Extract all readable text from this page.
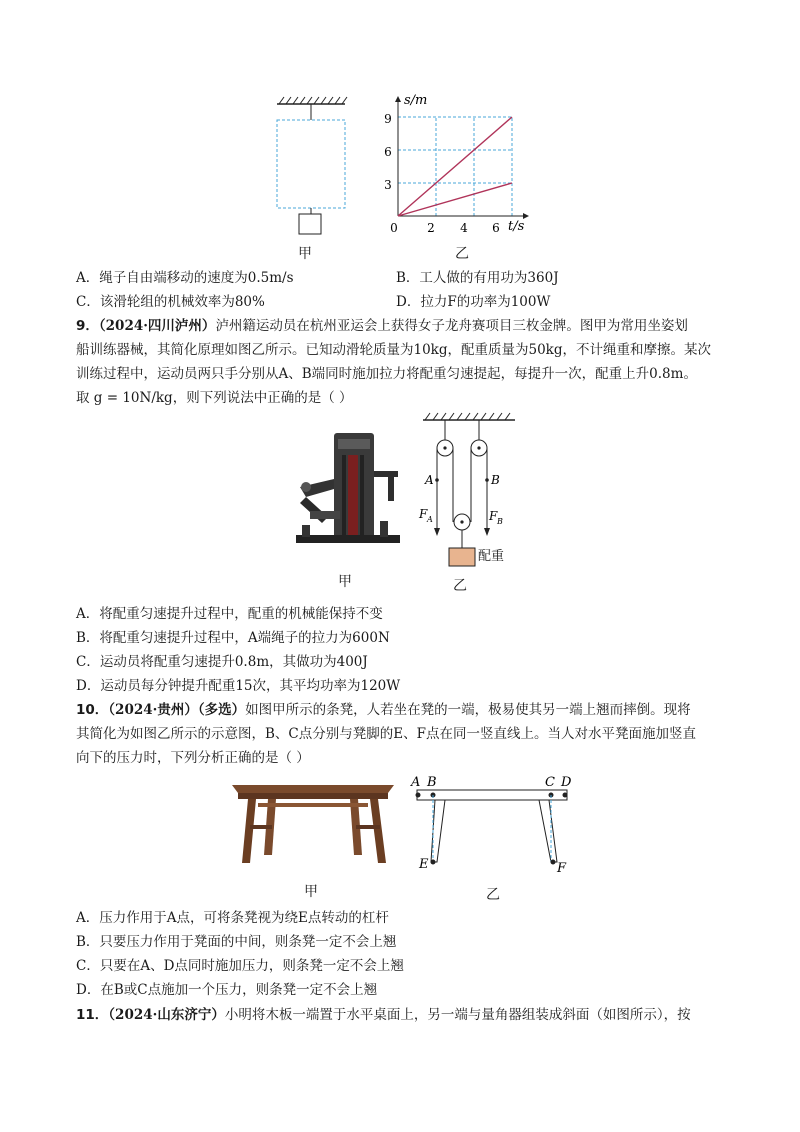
甲
s/m
t/s
0 2 4 6
3
6
9
乙
A．绳子自由端移动的速度为0.5m/s	B．工人做的有用功为360J
C．该滑轮组的机械效率为80%	D．拉力F的功率为100W
9．（2024·四川泸州）泸州籍运动员在杭州亚运会上获得女子龙舟赛项目三枚金牌。图甲为常用坐姿划
船训练器械，其简化原理如图乙所示。已知动滑轮质量为10kg，配重质量为50kg，不计绳重和摩擦。某次
训练过程中，运动员两只手分别从A、B端同时施加拉力将配重匀速提起，每提升一次，配重上升0.8m。
取 g = 10N/kg，则下列说法中正确的是（ ）
甲
A	B
F A	F B
配重
乙
A．将配重匀速提升过程中，配重的机械能保持不变
B．将配重匀速提升过程中，A端绳子的拉力为600N
C．运动员将配重匀速提升0.8m，其做功为400J
D．运动员每分钟提升配重15次，其平均功率为120W
10．（2024·贵州）（多选）如图甲所示的条凳，人若坐在凳的一端，极易使其另一端上翘而摔倒。现将
其简化为如图乙所示的示意图，B、C点分别与凳脚的E、F点在同一竖直线上。当人对水平凳面施加竖直
向下的压力时，下列分析正确的是（ ）
甲
A B	C D
E	F
乙
A．压力作用于A点，可将条凳视为绕E点转动的杠杆
B．只要压力作用于凳面的中间，则条凳一定不会上翘
C．只要在A、D点同时施加压力，则条凳一定不会上翘
D．在B或C点施加一个压力，则条凳一定不会上翘
11．（2024·山东济宁）小明将木板一端置于水平桌面上，另一端与量角器组装成斜面（如图所示），按
